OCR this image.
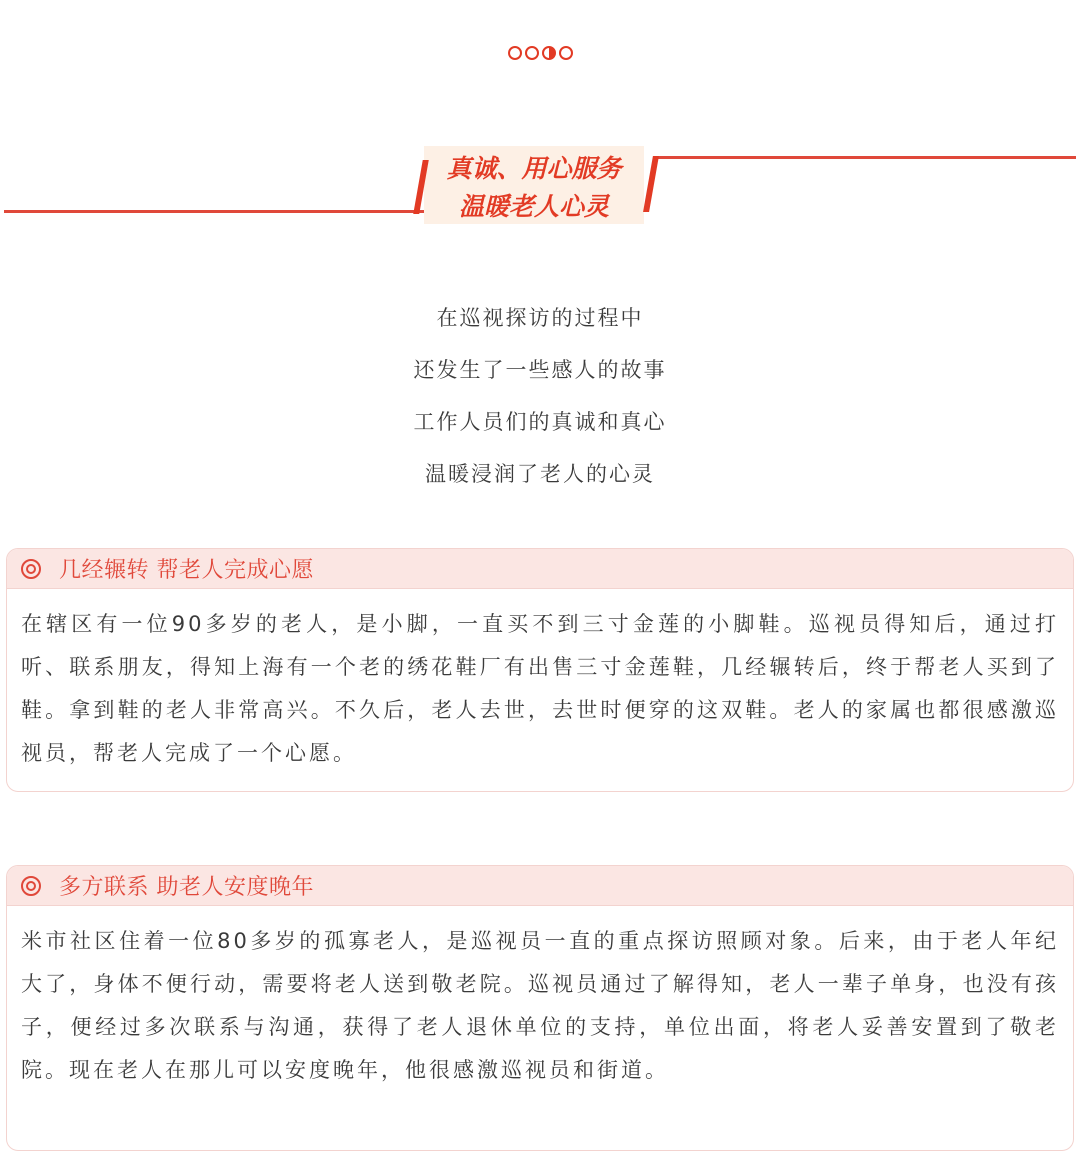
真诚、用心服务
温暖老人心灵

在巡视探访的过程中

还发生了一些感人的故事

工作人员们的真诚和真心

温暖浸润了老人的心灵

几经辗转 帮老人完成心愿

在辖区有一位90多岁的老人，是小脚，一直买不到三寸金莲的小脚鞋。巡视员得知后，通过打听、联系朋友，得知上海有一个老的绣花鞋厂有出售三寸金莲鞋，几经辗转后，终于帮老人买到了鞋。拿到鞋的老人非常高兴。不久后，老人去世，去世时便穿的这双鞋。老人的家属也都很感激巡视员，帮老人完成了一个心愿。

多方联系 助老人安度晚年

米市社区住着一位80多岁的孤寡老人，是巡视员一直的重点探访照顾对象。后来，由于老人年纪大了，身体不便行动，需要将老人送到敬老院。巡视员通过了解得知，老人一辈子单身，也没有孩子，便经过多次联系与沟通，获得了老人退休单位的支持，单位出面，将老人妥善安置到了敬老院。现在老人在那儿可以安度晚年，他很感激巡视员和街道。
